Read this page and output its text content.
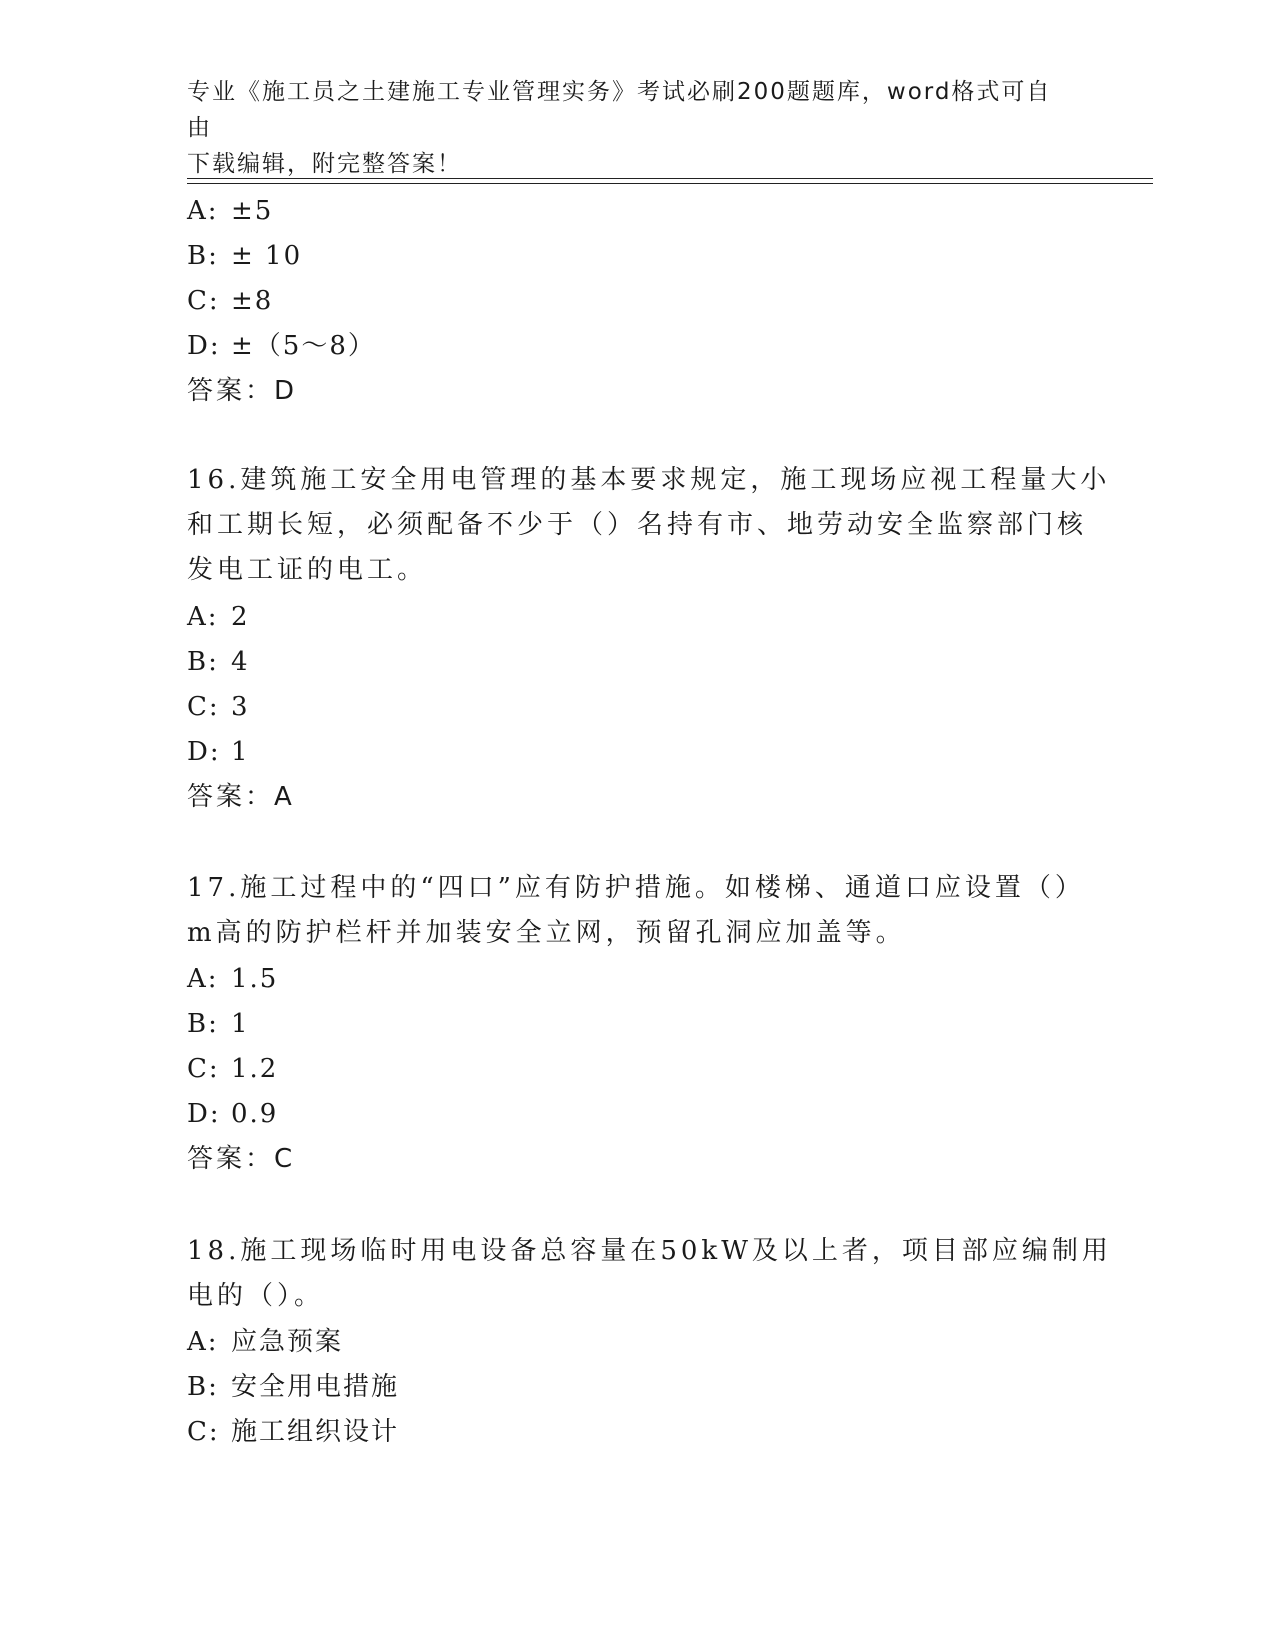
专业《施工员之土建施工专业管理实务》考试必刷200题题库，word格式可自由
下载编辑，附完整答案！
A: ±5
B: ± 10
C: ±8
D: ±（5～8）
答案：D
16.建筑施工安全用电管理的基本要求规定，施工现场应视工程量大小
和工期长短，必须配备不少于（）名持有市、地劳动安全监察部门核
发电工证的电工。
A: 2
B: 4
C: 3
D: 1
答案：A
17.施工过程中的“四口”应有防护措施。如楼梯、通道口应设置（）
m高的防护栏杆并加装安全立网，预留孔洞应加盖等。
A: 1.5
B: 1
C: 1.2
D: 0.9
答案：C
18.施工现场临时用电设备总容量在50kW及以上者，项目部应编制用
电的（）。
A: 应急预案
B: 安全用电措施
C: 施工组织设计
